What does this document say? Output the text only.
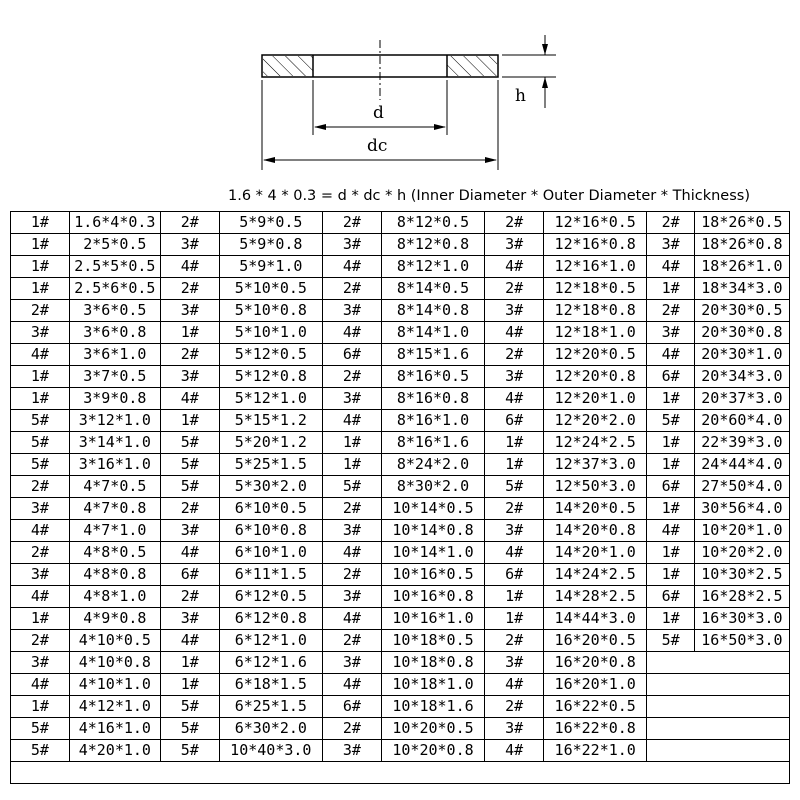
d
dc
h
1.6 * 4 * 0.3 = d * dc * h (Inner Diameter * Outer Diameter * Thickness)
1#	1.6*4*0.3	2#	5*9*0.5	2#	8*12*0.5	2#	12*16*0.5	2#	18*26*0.5
1#	2*5*0.5	3#	5*9*0.8	3#	8*12*0.8	3#	12*16*0.8	3#	18*26*0.8
1#	2.5*5*0.5	4#	5*9*1.0	4#	8*12*1.0	4#	12*16*1.0	4#	18*26*1.0
1#	2.5*6*0.5	2#	5*10*0.5	2#	8*14*0.5	2#	12*18*0.5	1#	18*34*3.0
2#	3*6*0.5	3#	5*10*0.8	3#	8*14*0.8	3#	12*18*0.8	2#	20*30*0.5
3#	3*6*0.8	1#	5*10*1.0	4#	8*14*1.0	4#	12*18*1.0	3#	20*30*0.8
4#	3*6*1.0	2#	5*12*0.5	6#	8*15*1.6	2#	12*20*0.5	4#	20*30*1.0
1#	3*7*0.5	3#	5*12*0.8	2#	8*16*0.5	3#	12*20*0.8	6#	20*34*3.0
1#	3*9*0.8	4#	5*12*1.0	3#	8*16*0.8	4#	12*20*1.0	1#	20*37*3.0
5#	3*12*1.0	1#	5*15*1.2	4#	8*16*1.0	6#	12*20*2.0	5#	20*60*4.0
5#	3*14*1.0	5#	5*20*1.2	1#	8*16*1.6	1#	12*24*2.5	1#	22*39*3.0
5#	3*16*1.0	5#	5*25*1.5	1#	8*24*2.0	1#	12*37*3.0	1#	24*44*4.0
2#	4*7*0.5	5#	5*30*2.0	5#	8*30*2.0	5#	12*50*3.0	6#	27*50*4.0
3#	4*7*0.8	2#	6*10*0.5	2#	10*14*0.5	2#	14*20*0.5	1#	30*56*4.0
4#	4*7*1.0	3#	6*10*0.8	3#	10*14*0.8	3#	14*20*0.8	4#	10*20*1.0
2#	4*8*0.5	4#	6*10*1.0	4#	10*14*1.0	4#	14*20*1.0	1#	10*20*2.0
3#	4*8*0.8	6#	6*11*1.5	2#	10*16*0.5	6#	14*24*2.5	1#	10*30*2.5
4#	4*8*1.0	2#	6*12*0.5	3#	10*16*0.8	1#	14*28*2.5	6#	16*28*2.5
1#	4*9*0.8	3#	6*12*0.8	4#	10*16*1.0	1#	14*44*3.0	1#	16*30*3.0
2#	4*10*0.5	4#	6*12*1.0	2#	10*18*0.5	2#	16*20*0.5	5#	16*50*3.0
3#	4*10*0.8	1#	6*12*1.6	3#	10*18*0.8	3#	16*20*0.8		
4#	4*10*1.0	1#	6*18*1.5	4#	10*18*1.0	4#	16*20*1.0		
1#	4*12*1.0	5#	6*25*1.5	6#	10*18*1.6	2#	16*22*0.5		
5#	4*16*1.0	5#	6*30*2.0	2#	10*20*0.5	3#	16*22*0.8		
5#	4*20*1.0	5#	10*40*3.0	3#	10*20*0.8	4#	16*22*1.0		
